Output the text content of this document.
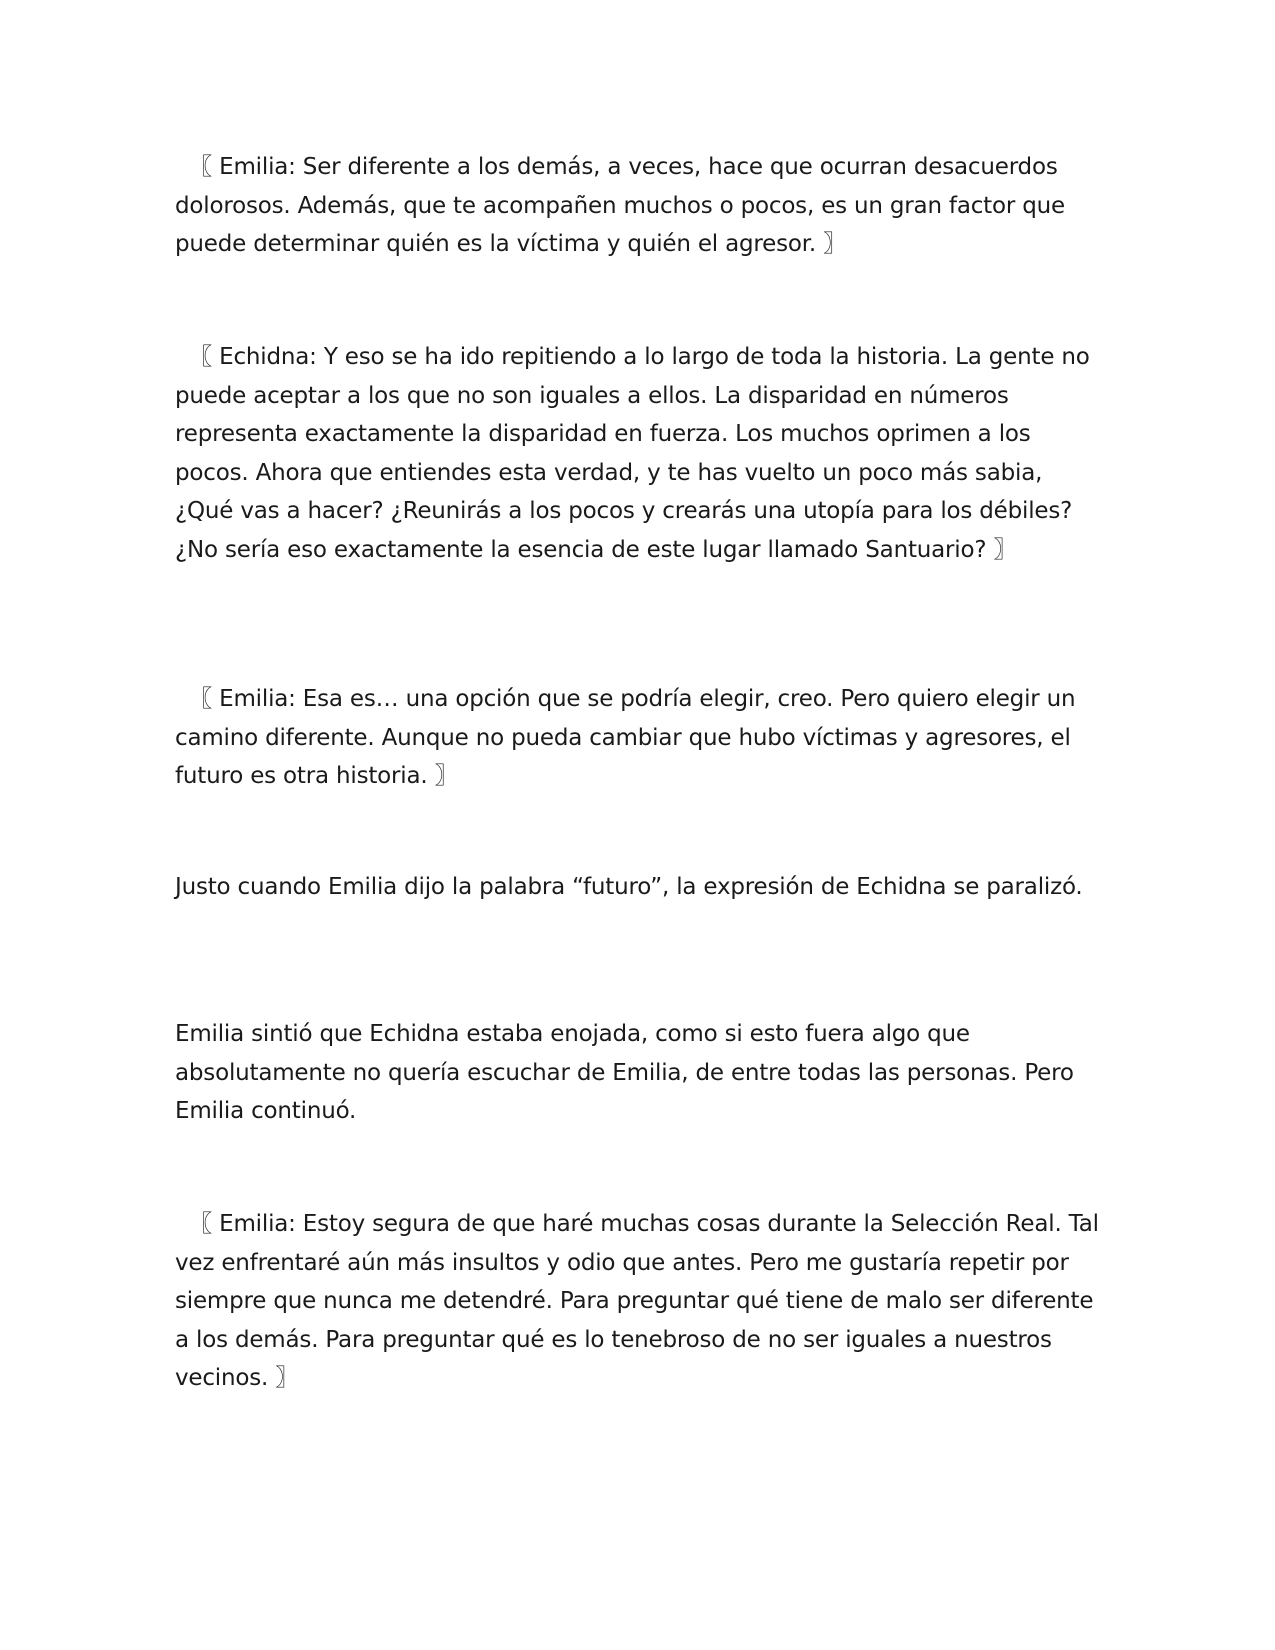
〖 Emilia: Ser diferente a los demás, a veces, hace que ocurran desacuerdos dolorosos. Además, que te acompañen muchos o pocos, es un gran factor que puede determinar quién es la víctima y quién el agresor. 〗

〖 Echidna: Y eso se ha ido repitiendo a lo largo de toda la historia. La gente no puede aceptar a los que no son iguales a ellos. La disparidad en números representa exactamente la disparidad en fuerza. Los muchos oprimen a los pocos. Ahora que entiendes esta verdad, y te has vuelto un poco más sabia, ¿Qué vas a hacer? ¿Reunirás a los pocos y crearás una utopía para los débiles? ¿No sería eso exactamente la esencia de este lugar llamado Santuario? 〗

〖 Emilia: Esa es… una opción que se podría elegir, creo. Pero quiero elegir un camino diferente. Aunque no pueda cambiar que hubo víctimas y agresores, el futuro es otra historia. 〗

Justo cuando Emilia dijo la palabra “futuro”, la expresión de Echidna se paralizó.

Emilia sintió que Echidna estaba enojada, como si esto fuera algo que absolutamente no quería escuchar de Emilia, de entre todas las personas. Pero Emilia continuó.

〖 Emilia: Estoy segura de que haré muchas cosas durante la Selección Real. Tal vez enfrentaré aún más insultos y odio que antes. Pero me gustaría repetir por siempre que nunca me detendré. Para preguntar qué tiene de malo ser diferente a los demás. Para preguntar qué es lo tenebroso de no ser iguales a nuestros vecinos. 〗
